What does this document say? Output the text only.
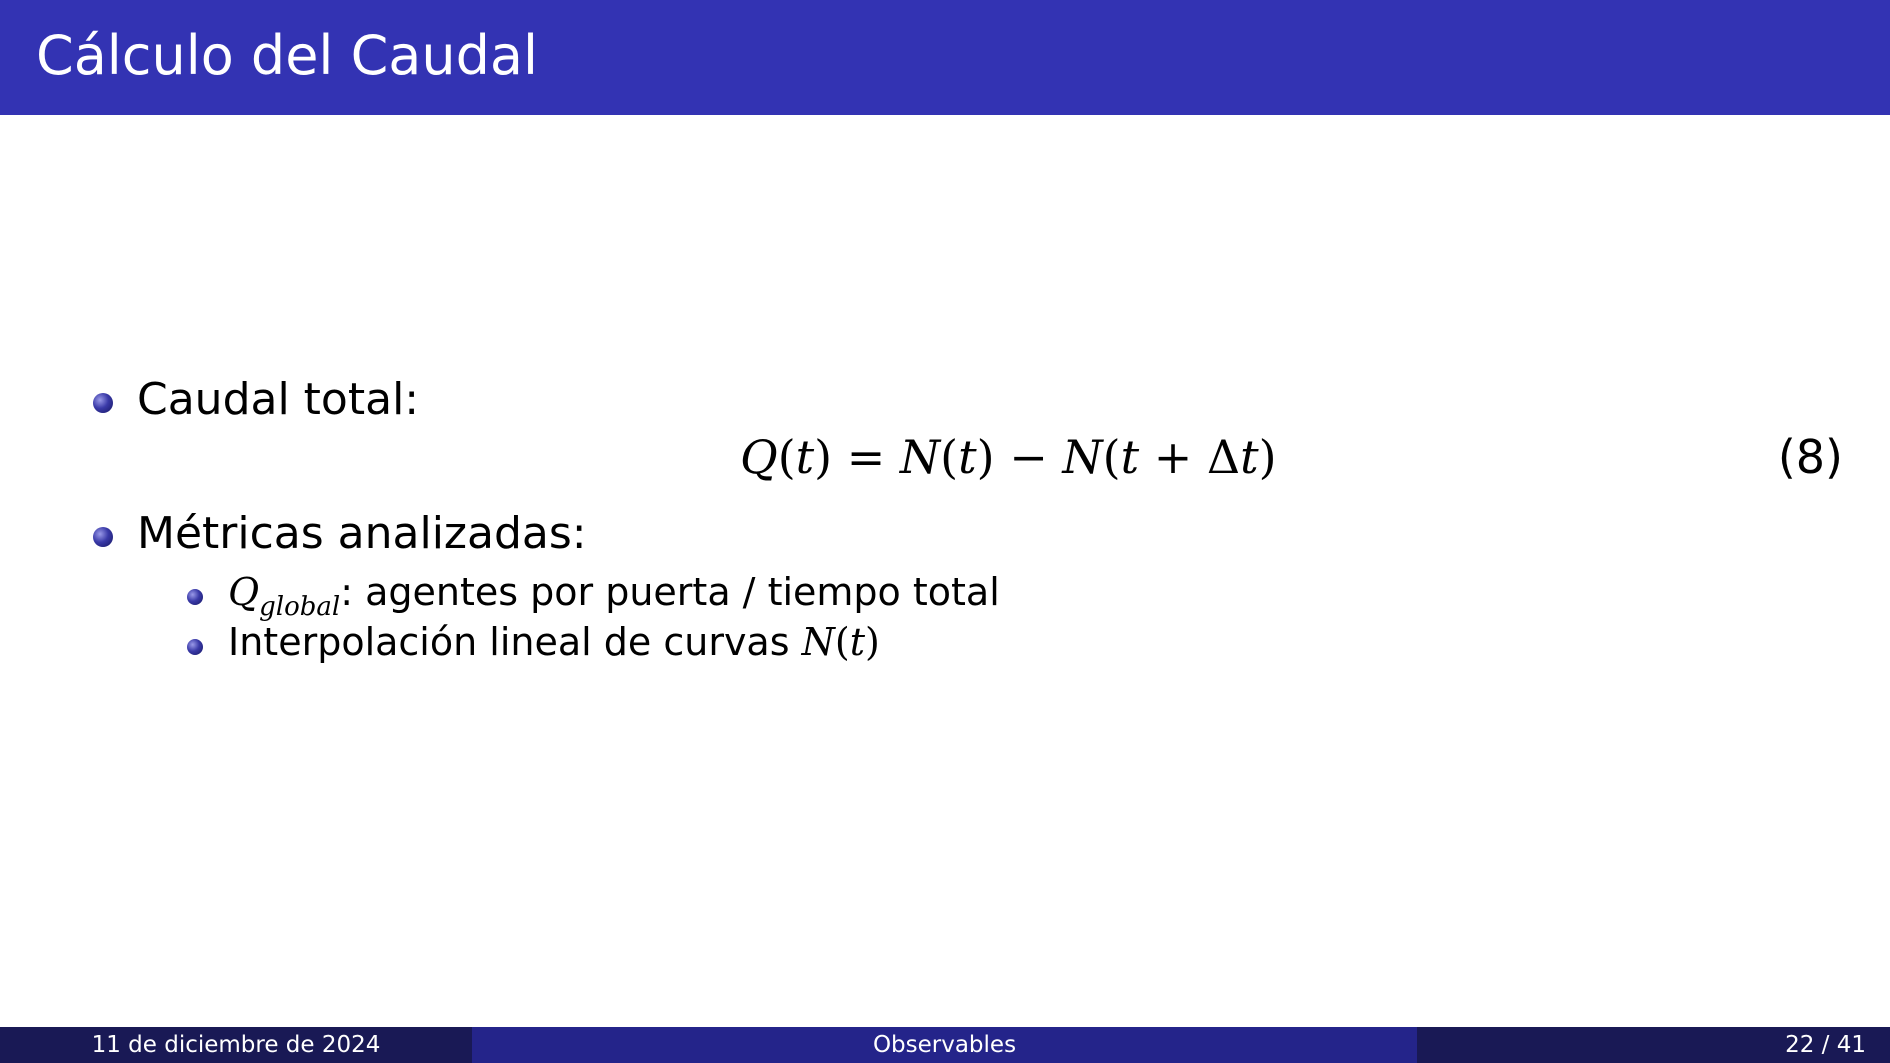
Cálculo del Caudal
Caudal total:
Q(t) = N(t) − N(t + Δt)	(8)
Métricas analizadas:
$Q_{global}$: agentes por puerta / tiempo total
Interpolación lineal de curvas N(t)
11 de diciembre de 2024	Observables	22 / 41
